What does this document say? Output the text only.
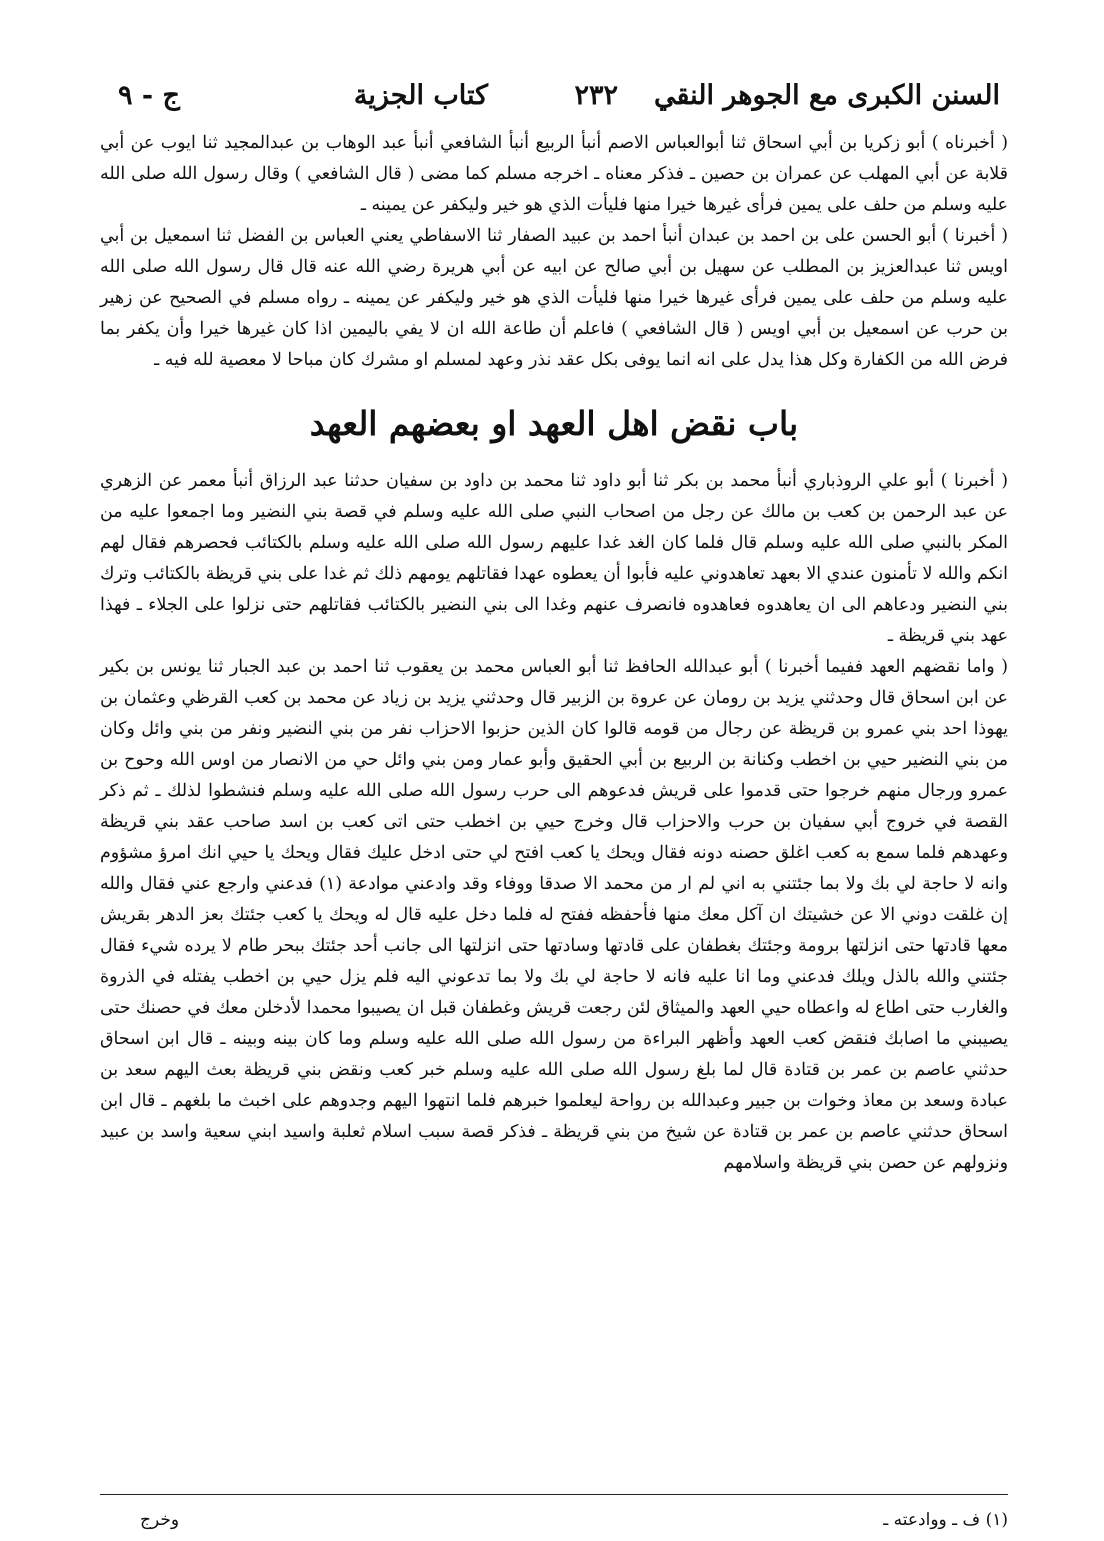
السنن الكبرى مع الجوهر النقي
٢٣٢
كتاب الجزية
ج - ٩

( أخبرناه ) أبو زكريا بن أبي اسحاق ثنا أبوالعباس الاصم أنبأ الربيع أنبأ الشافعي أنبأ عبد الوهاب بن عبدالمجيد ثنا ايوب عن أبي قلابة عن أبي المهلب عن عمران بن حصين ـ فذكر معناه ـ اخرجه مسلم كما مضى ( قال الشافعي ) وقال رسول الله صلى الله عليه وسلم من حلف على يمين فرأى غيرها خيرا منها فليأت الذي هو خير وليكفر عن يمينه ـ

( أخبرنا ) أبو الحسن على بن احمد بن عبدان أنبأ احمد بن عبيد الصفار ثنا الاسفاطي يعني العباس بن الفضل ثنا اسمعيل بن أبي اويس ثنا عبدالعزيز بن المطلب عن سهيل بن أبي صالح عن ابيه عن أبي هريرة رضي الله عنه قال قال رسول الله صلى الله عليه وسلم من حلف على يمين فرأى غيرها خيرا منها فليأت الذي هو خير وليكفر عن يمينه ـ رواه مسلم في الصحيح عن زهير بن حرب عن اسمعيل بن أبي اويس ( قال الشافعي ) فاعلم أن طاعة الله ان لا يفي باليمين اذا كان غيرها خيرا وأن يكفر بما فرض الله من الكفارة وكل هذا يدل على انه انما يوفى بكل عقد نذر وعهد لمسلم او مشرك كان مباحا لا معصية لله فيه ـ

باب نقض اهل العهد او بعضهم العهد

( أخبرنا ) أبو علي الروذباري أنبأ محمد بن بكر ثنا أبو داود ثنا محمد بن داود بن سفيان حدثنا عبد الرزاق أنبأ معمر عن الزهري عن عبد الرحمن بن كعب بن مالك عن رجل من اصحاب النبي صلى الله عليه وسلم في قصة بني النضير وما اجمعوا عليه من المكر بالنبي صلى الله عليه وسلم قال فلما كان الغد غدا عليهم رسول الله صلى الله عليه وسلم بالكتائب فحصرهم فقال لهم انكم والله لا تأمنون عندي الا بعهد تعاهدوني عليه فأبوا أن يعطوه عهدا فقاتلهم يومهم ذلك ثم غدا على بني قريظة بالكتائب وترك بني النضير ودعاهم الى ان يعاهدوه فعاهدوه فانصرف عنهم وغدا الى بني النضير بالكتائب فقاتلهم حتى نزلوا على الجلاء ـ فهذا عهد بني قريظة ـ

( واما نقضهم العهد ففيما أخبرنا ) أبو عبدالله الحافظ ثنا أبو العباس محمد بن يعقوب ثنا احمد بن عبد الجبار ثنا يونس بن بكير عن ابن اسحاق قال وحدثني يزيد بن رومان عن عروة بن الزبير قال وحدثني يزيد بن زياد عن محمد بن كعب القرظي وعثمان بن يهوذا احد بني عمرو بن قريظة عن رجال من قومه قالوا كان الذين حزبوا الاحزاب نفر من بني النضير ونفر من بني وائل وكان من بني النضير حيي بن اخطب وكنانة بن الربيع بن أبي الحقيق وأبو عمار ومن بني وائل حي من الانصار من اوس الله وحوح بن عمرو ورجال منهم خرجوا حتى قدموا على قريش فدعوهم الى حرب رسول الله صلى الله عليه وسلم فنشطوا لذلك ـ ثم ذكر القصة في خروج أبي سفيان بن حرب والاحزاب قال وخرج حيي بن اخطب حتى اتى كعب بن اسد صاحب عقد بني قريظة وعهدهم فلما سمع به كعب اغلق حصنه دونه فقال ويحك يا كعب افتح لي حتى ادخل عليك فقال ويحك يا حيي انك امرؤ مشؤوم وانه لا حاجة لي بك ولا بما جئتني به اني لم ار من محمد الا صدقا ووفاء وقد وادعني موادعة (١) فدعني وارجع عني فقال والله إن غلقت دوني الا عن خشيتك ان آكل معك منها فأحفظه ففتح له فلما دخل عليه قال له ويحك يا كعب جئتك بعز الدهر بقريش معها قادتها حتى انزلتها برومة وجئتك بغطفان على قادتها وسادتها حتى انزلتها الى جانب أحد جئتك ببحر طام لا يرده شيء فقال جئتني والله بالذل ويلك فدعني وما انا عليه فانه لا حاجة لي بك ولا بما تدعوني اليه فلم يزل حيي بن اخطب يفتله في الذروة والغارب حتى اطاع له واعطاه حيي العهد والميثاق لئن رجعت قريش وغطفان قبل ان يصيبوا محمدا لأدخلن معك في حصنك حتى يصيبني ما اصابك فنقض كعب العهد وأظهر البراءة من رسول الله صلى الله عليه وسلم وما كان بينه وبينه ـ قال ابن اسحاق حدثني عاصم بن عمر بن قتادة قال لما بلغ رسول الله صلى الله عليه وسلم خبر كعب ونقض بني قريظة بعث اليهم سعد بن عبادة وسعد بن معاذ وخوات بن جبير وعبدالله بن رواحة ليعلموا خبرهم فلما انتهوا اليهم وجدوهم على اخبث ما بلغهم ـ قال ابن اسحاق حدثني عاصم بن عمر بن قتادة عن شيخ من بني قريظة ـ فذكر قصة سبب اسلام ثعلبة واسيد ابني سعية واسد بن عبيد ونزولهم عن حصن بني قريظة واسلامهم

(١) ف ـ ووادعته ـ
وخرج
